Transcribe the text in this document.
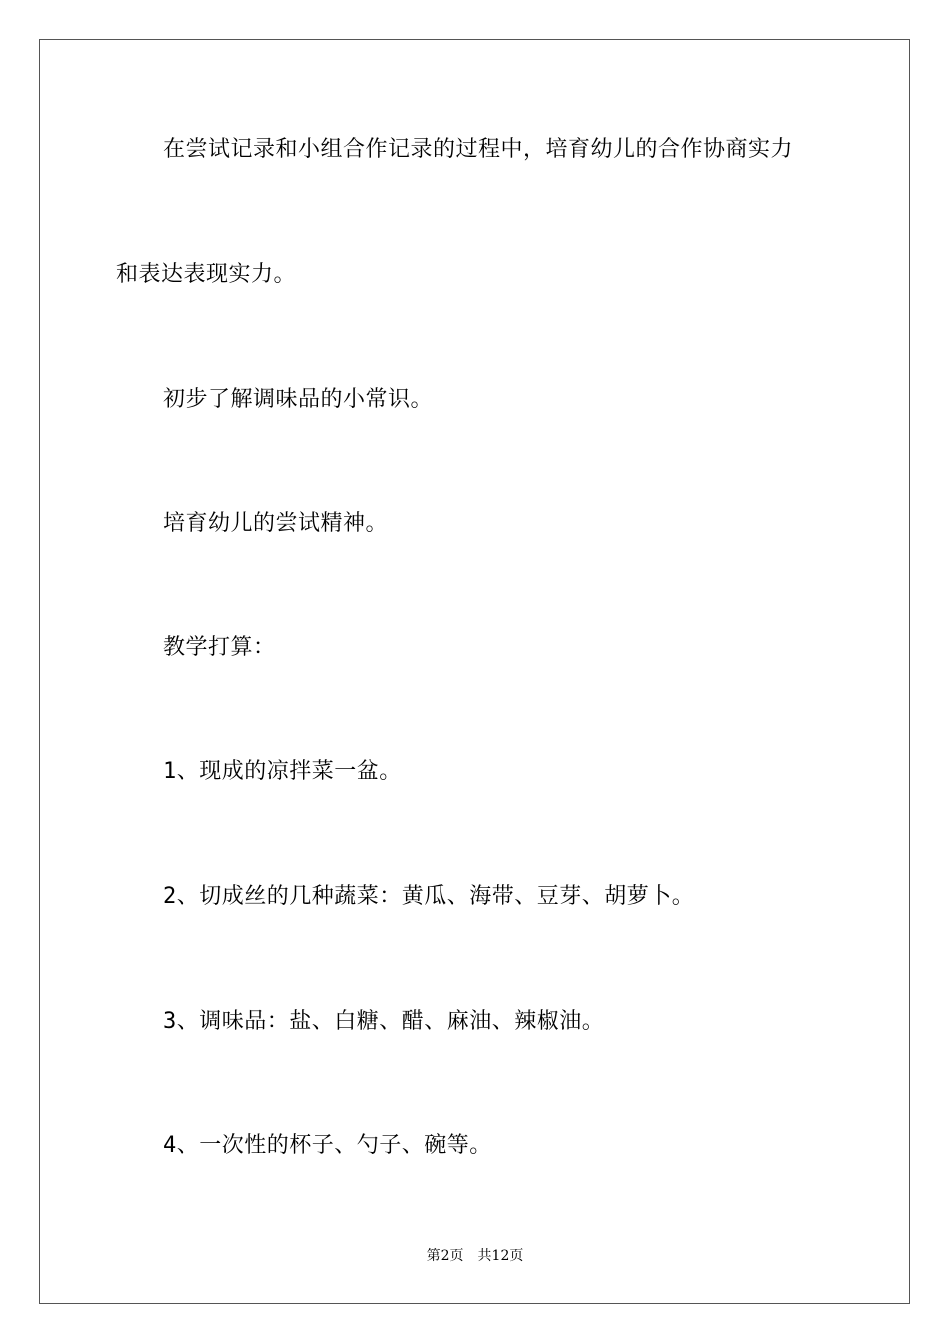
在尝试记录和小组合作记录的过程中，培育幼儿的合作协商实力
和表达表现实力。
初步了解调味品的小常识。
培育幼儿的尝试精神。
教学打算：
1、现成的凉拌菜一盆。
2、切成丝的几种蔬菜：黄瓜、海带、豆芽、胡萝卜。
3、调味品：盐、白糖、醋、麻油、辣椒油。
4、一次性的杯子、勺子、碗等。
第2页 共12页
